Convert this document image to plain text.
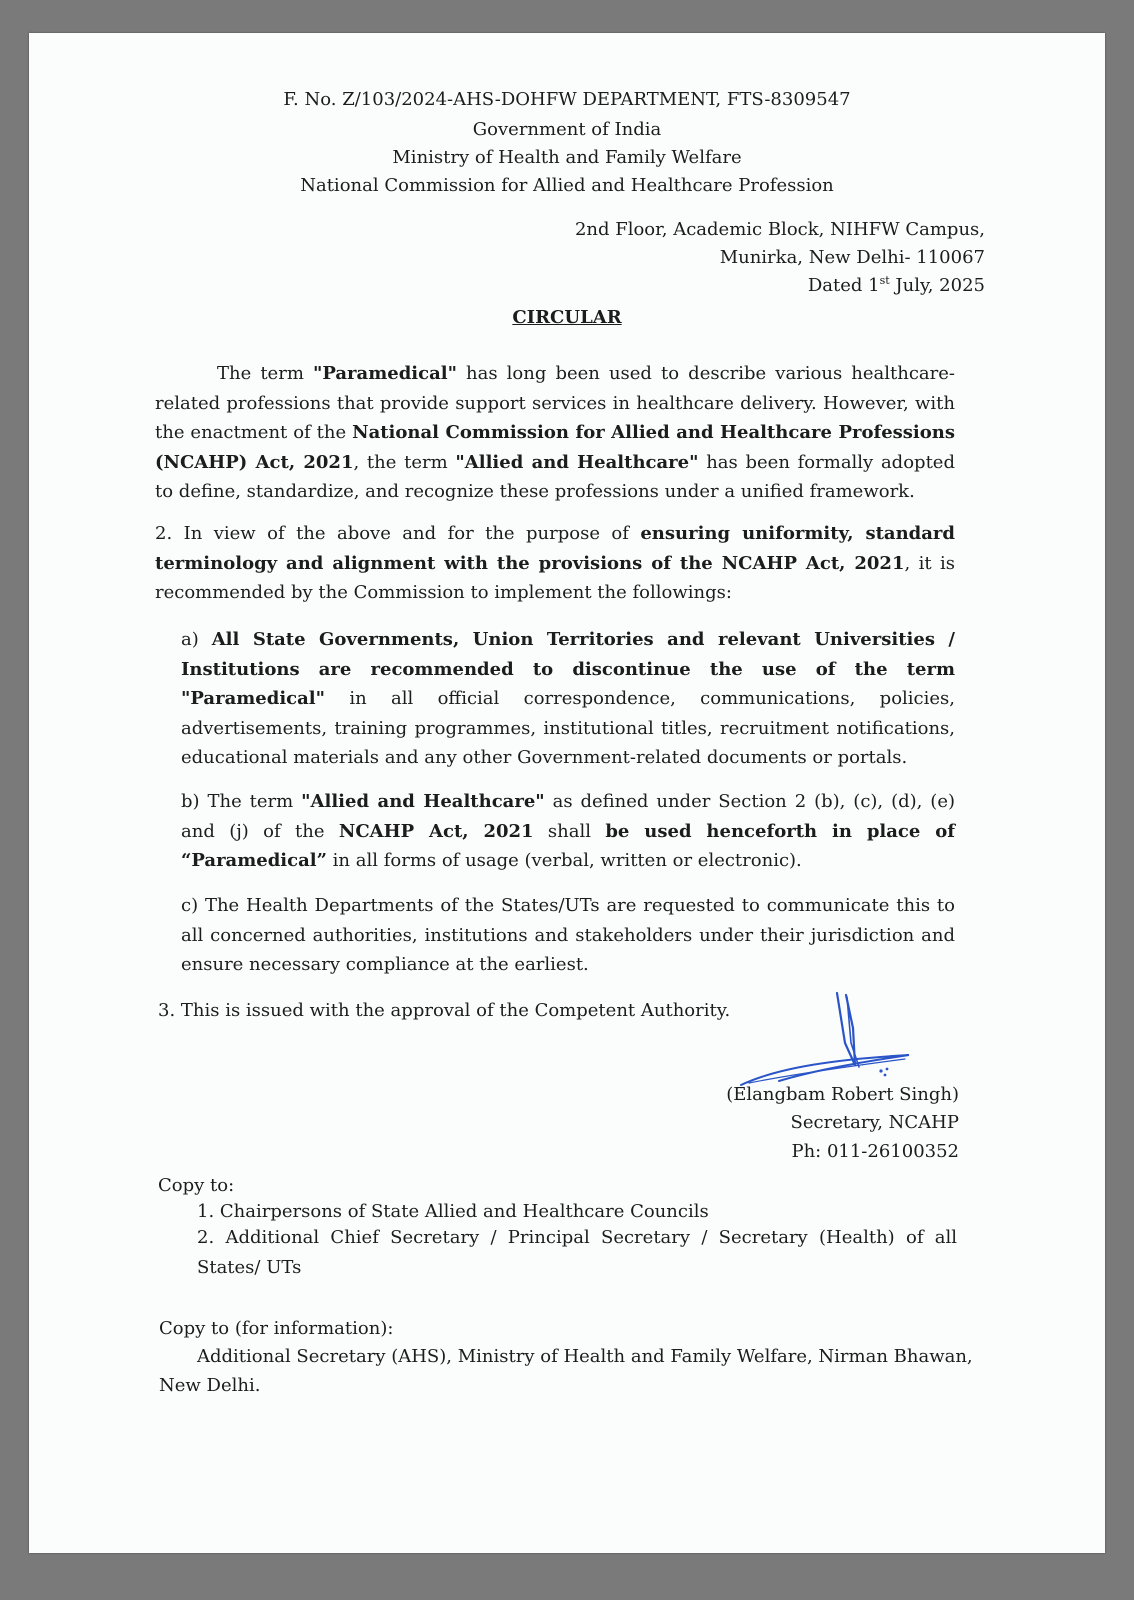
F. No. Z/103/2024-AHS-DOHFW DEPARTMENT, FTS-8309547
Government of India
Ministry of Health and Family Welfare
National Commission for Allied and Healthcare Profession
2nd Floor, Academic Block, NIHFW Campus,
Munirka, New Delhi- 110067
Dated 1st July, 2025
CIRCULAR
The term "Paramedical" has long been used to describe various healthcare-related professions that provide support services in healthcare delivery. However, with the enactment of the National Commission for Allied and Healthcare Professions (NCAHP) Act, 2021, the term "Allied and Healthcare" has been formally adopted to define, standardize, and recognize these professions under a unified framework.
2. In view of the above and for the purpose of ensuring uniformity, standard terminology and alignment with the provisions of the NCAHP Act, 2021, it is recommended by the Commission to implement the followings:
a) All State Governments, Union Territories and relevant Universities / Institutions are recommended to discontinue the use of the term "Paramedical" in all official correspondence, communications, policies, advertisements, training programmes, institutional titles, recruitment notifications, educational materials and any other Government-related documents or portals.
b) The term "Allied and Healthcare" as defined under Section 2 (b), (c), (d), (e) and (j) of the NCAHP Act, 2021 shall be used henceforth in place of “Paramedical” in all forms of usage (verbal, written or electronic).
c) The Health Departments of the States/UTs are requested to communicate this to all concerned authorities, institutions and stakeholders under their jurisdiction and ensure necessary compliance at the earliest.
3. This is issued with the approval of the Competent Authority.
(Elangbam Robert Singh)
Secretary, NCAHP
Ph: 011-26100352
Copy to:
1. Chairpersons of State Allied and Healthcare Councils
2. Additional Chief Secretary / Principal Secretary / Secretary (Health) of all States/ UTs
Copy to (for information):
Additional Secretary (AHS), Ministry of Health and Family Welfare, Nirman Bhawan,
New Delhi.
